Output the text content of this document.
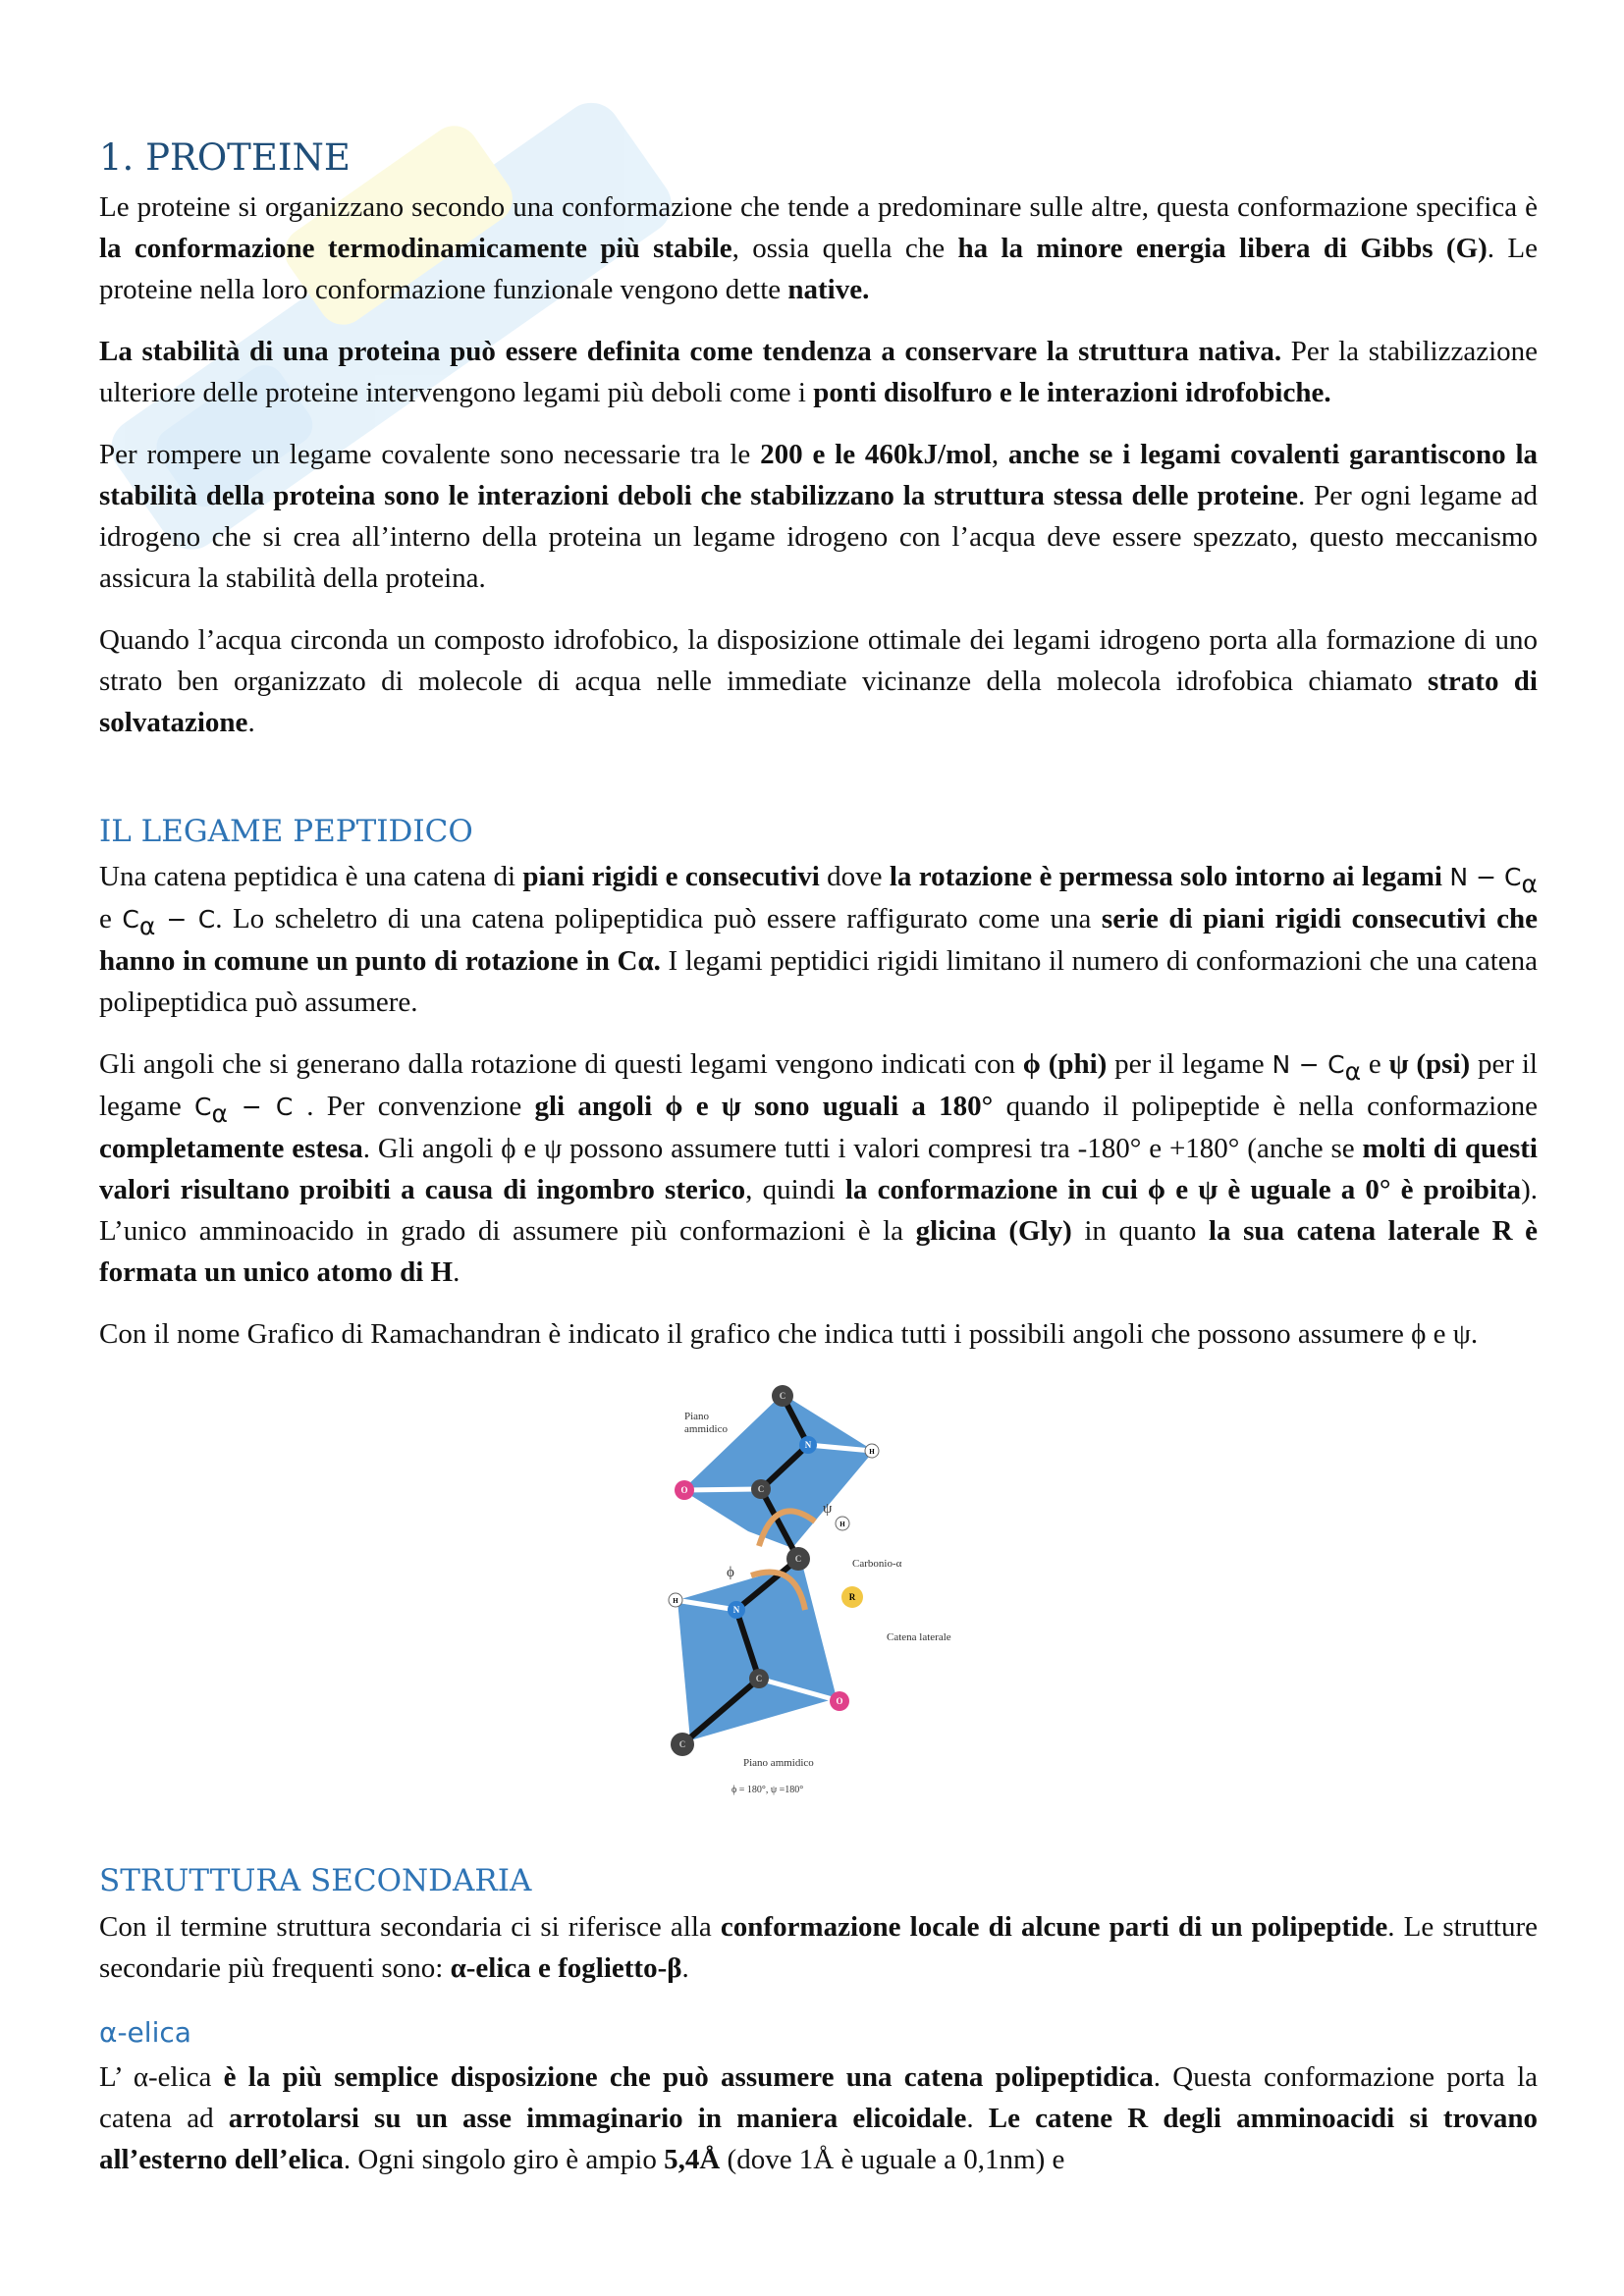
1. PROTEINE

Le proteine si organizzano secondo una conformazione che tende a predominare sulle altre, questa conformazione specifica è la conformazione termodinamicamente più stabile, ossia quella che ha la minore energia libera di Gibbs (G). Le proteine nella loro conformazione funzionale vengono dette native.

La stabilità di una proteina può essere definita come tendenza a conservare la struttura nativa. Per la stabilizzazione ulteriore delle proteine intervengono legami più deboli come i ponti disolfuro e le interazioni idrofobiche.

Per rompere un legame covalente sono necessarie tra le 200 e le 460kJ/mol, anche se i legami covalenti garantiscono la stabilità della proteina sono le interazioni deboli che stabilizzano la struttura stessa delle proteine. Per ogni legame ad idrogeno che si crea all’interno della proteina un legame idrogeno con l’acqua deve essere spezzato, questo meccanismo assicura la stabilità della proteina.

Quando l’acqua circonda un composto idrofobico, la disposizione ottimale dei legami idrogeno porta alla formazione di uno strato ben organizzato di molecole di acqua nelle immediate vicinanze della molecola idrofobica chiamato strato di solvatazione.

IL LEGAME PEPTIDICO

Una catena peptidica è una catena di piani rigidi e consecutivi dove la rotazione è permessa solo intorno ai legami $N - C_\alpha$ e $C_\alpha - C$. Lo scheletro di una catena polipeptidica può essere raffigurato come una serie di piani rigidi consecutivi che hanno in comune un punto di rotazione in Cα. I legami peptidici rigidi limitano il numero di conformazioni che una catena polipeptidica può assumere.

Gli angoli che si generano dalla rotazione di questi legami vengono indicati con ϕ (phi) per il legame $N - C_\alpha$ e ψ (psi) per il legame $C_\alpha - C$ . Per convenzione gli angoli ϕ e ψ sono uguali a 180° quando il polipeptide è nella conformazione completamente estesa. Gli angoli ϕ e ψ possono assumere tutti i valori compresi tra -180° e +180° (anche se molti di questi valori risultano proibiti a causa di ingombro sterico, quindi la conformazione in cui ϕ e ψ è uguale a 0° è proibita). L’unico amminoacido in grado di assumere più conformazioni è la glicina (Gly) in quanto la sua catena laterale R è formata un unico atomo di H.

Con il nome Grafico di Ramachandran è indicato il grafico che indica tutti i possibili angoli che possono assumere ϕ e ψ.

C
N
H
O	C
C
H
R
N
H
C
O
C
Piano
ammidico
Carbonio-α
Catena laterale
Piano ammidico
ϕ = 180°, ψ =180°
ψ
ϕ
STRUTTURA SECONDARIA

Con il termine struttura secondaria ci si riferisce alla conformazione locale di alcune parti di un polipeptide. Le strutture secondarie più frequenti sono: α-elica e foglietto-β.

α-elica

L’ α-elica è la più semplice disposizione che può assumere una catena polipeptidica. Questa conformazione porta la catena ad arrotolarsi su un asse immaginario in maniera elicoidale. Le catene R degli amminoacidi si trovano all’esterno dell’elica. Ogni singolo giro è ampio 5,4Å (dove 1Å è uguale a 0,1nm) e
